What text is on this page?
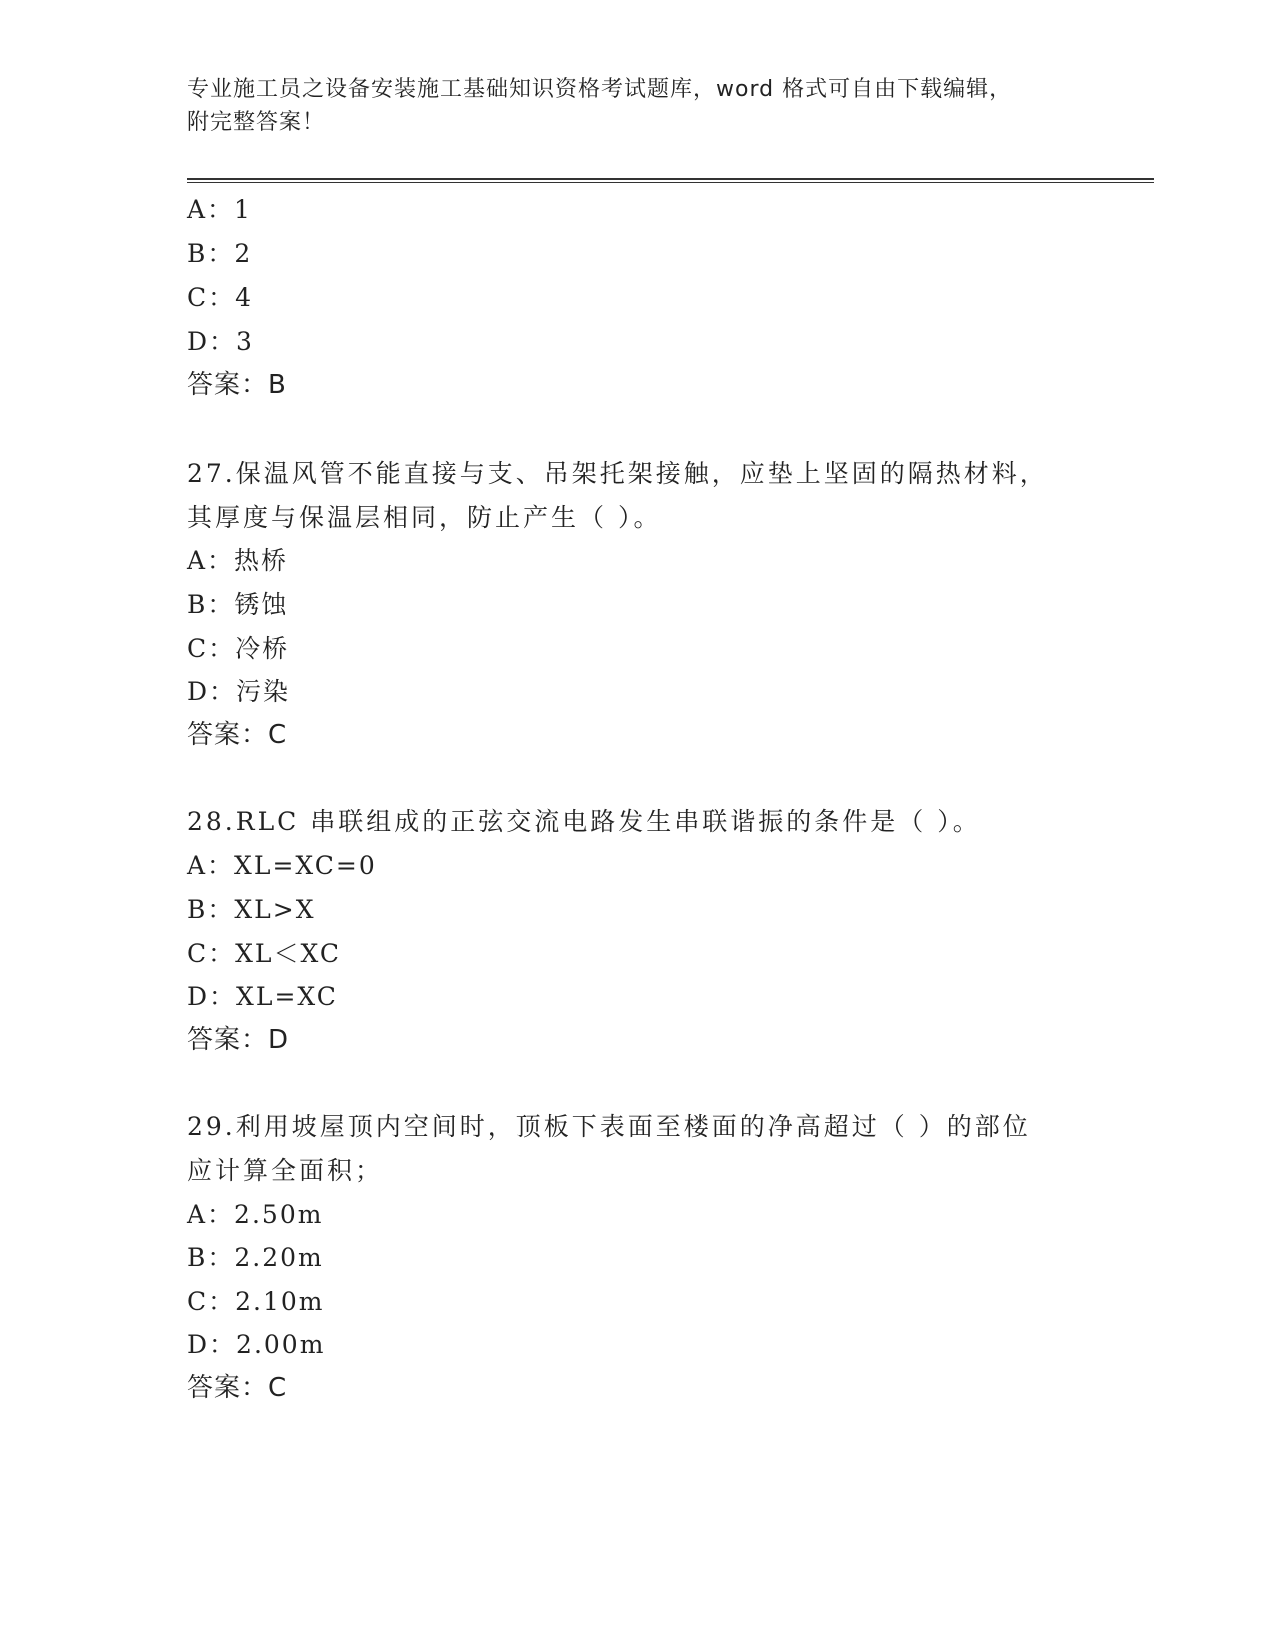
专业施工员之设备安装施工基础知识资格考试题库，word 格式可自由下载编辑，
附完整答案！
A：1
B：2
C：4
D：3
答案：B
27.保温风管不能直接与支、吊架托架接触，应垫上坚固的隔热材料，
其厚度与保温层相同，防止产生（ ）。
A：热桥
B：锈蚀
C：冷桥
D：污染
答案：C
28.RLC 串联组成的正弦交流电路发生串联谐振的条件是（ ）。
A：XL=XC=0
B：XL>X
C：XL＜XC
D：XL=XC
答案：D
29.利用坡屋顶内空间时，顶板下表面至楼面的净高超过（ ）的部位
应计算全面积；
A：2.50m
B：2.20m
C：2.10m
D：2.00m
答案：C
